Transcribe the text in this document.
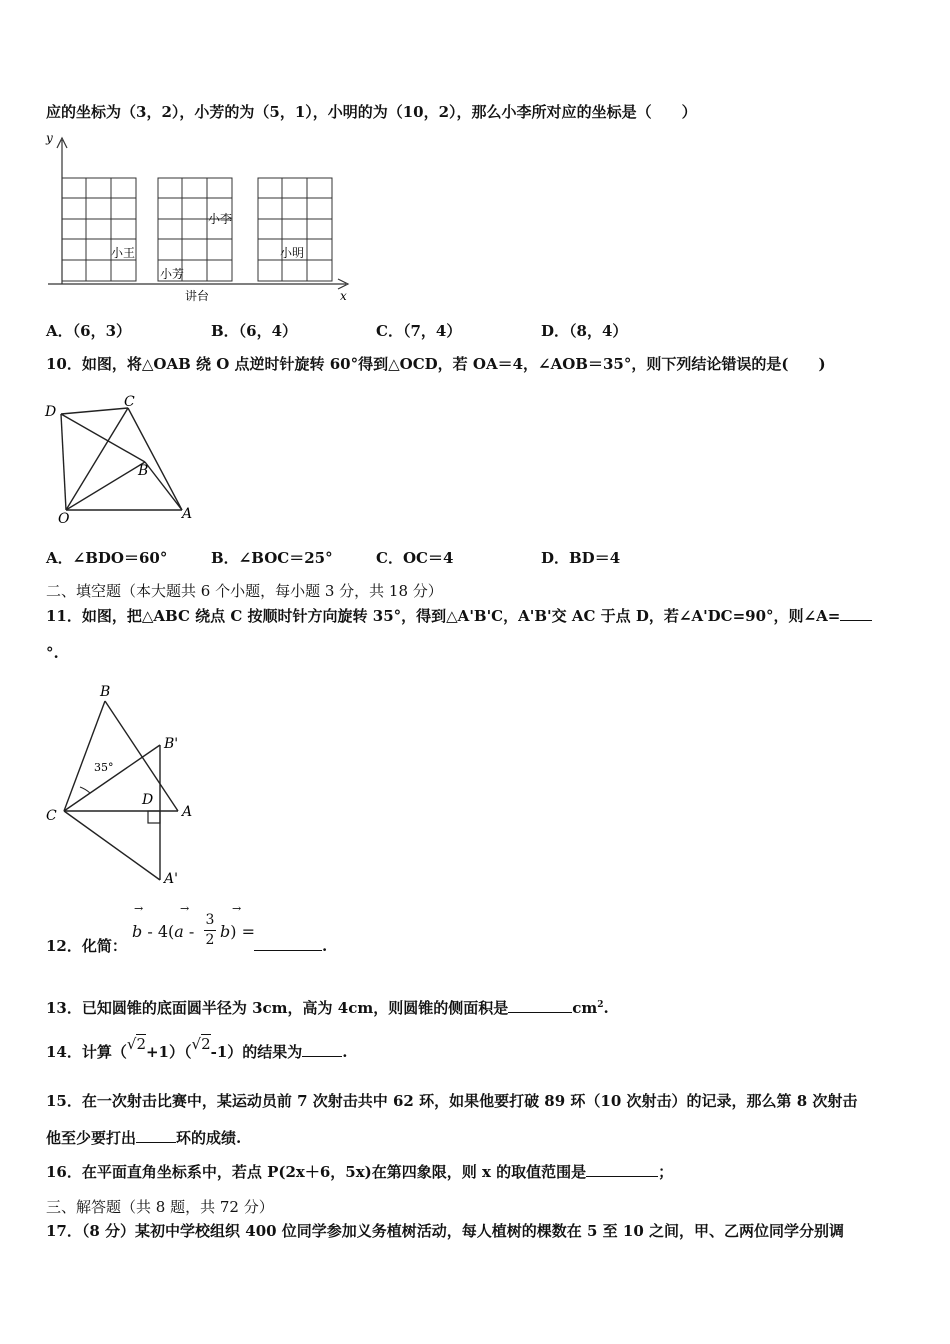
应的坐标为（3，2），小芳的为（5，1），小明的为（10，2），那么小李所对应的坐标是（　　）
y
x
小王
小李
小芳
小明
讲台
A．（6，3）	B．（6，4）	C．（7，4）	D．（8，4）
10．如图，将△OAB 绕 O 点逆时针旋转 60°得到△OCD，若 OA＝4，∠AOB＝35°，则下列结论错误的是(　　)
D
C
B
O	A
A．∠BDO＝60°	B．∠BOC＝25°	C．OC＝4	D．BD＝4
二、填空题（本大题共 6 个小题，每小题 3 分，共 18 分）
11．如图，把△ABC 绕点 C 按顺时针方向旋转 35°，得到△A'B'C，A'B'交 AC 于点 D，若∠A'DC=90°，则∠A=
°.
35°
B
B'
C
D
A
A'
12．化简：
→	→	→
b - 4(a -
3
2 b) =
.
13．已知圆锥的底面圆半径为 3cm，高为 4cm，则圆锥的侧面积是	$cm^2$.
14．计算（√2+1）（√2-1）的结果为	.
15．在一次射击比赛中，某运动员前 7 次射击共中 62 环，如果他要打破 89 环（10 次射击）的记录，那么第 8 次射击
他至少要打出	环的成绩.
16．在平面直角坐标系中，若点 P(2x＋6，5x)在第四象限，则 x 的取值范围是	；
三、解答题（共 8 题，共 72 分）
17．（8 分）某初中学校组织 400 位同学参加义务植树活动，每人植树的棵数在 5 至 10 之间，甲、乙两位同学分别调
